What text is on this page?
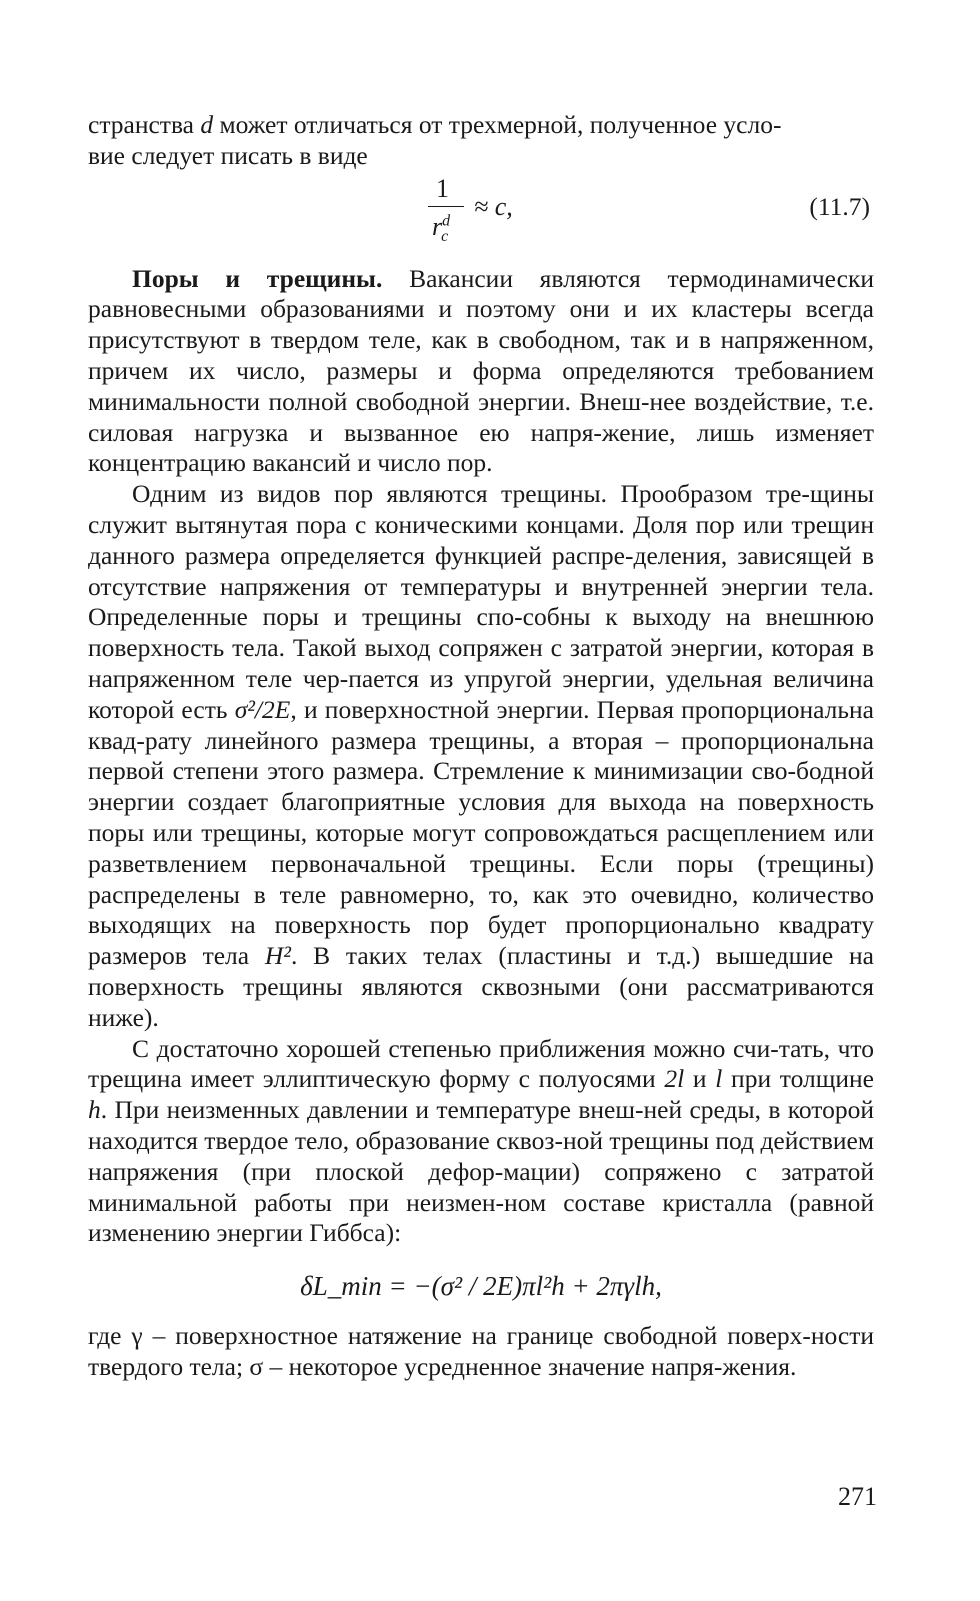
странства d может отличаться от трехмерной, полученное усло-
вие следует писать в виде

1
$r^d_c$
≈ c,	(11.7)

Поры и трещины. Вакансии являются термодинамически равновесными образованиями и поэтому они и их кластеры всегда присутствуют в твердом теле, как в свободном, так и в напряженном, причем их число, размеры и форма определяются требованием минимальности полной свободной энергии. Внеш-нее воздействие, т.е. силовая нагрузка и вызванное ею напря-жение, лишь изменяет концентрацию вакансий и число пор.

Одним из видов пор являются трещины. Прообразом тре-щины служит вытянутая пора с коническими концами. Доля пор или трещин данного размера определяется функцией распре-деления, зависящей в отсутствие напряжения от температуры и внутренней энергии тела. Определенные поры и трещины спо-собны к выходу на внешнюю поверхность тела. Такой выход сопряжен с затратой энергии, которая в напряженном теле чер-пается из упругой энергии, удельная величина которой есть σ²/2E, и поверхностной энергии. Первая пропорциональна квад-рату линейного размера трещины, а вторая – пропорциональна первой степени этого размера. Стремление к минимизации сво-бодной энергии создает благоприятные условия для выхода на поверхность поры или трещины, которые могут сопровождаться расщеплением или разветвлением первоначальной трещины. Если поры (трещины) распределены в теле равномерно, то, как это очевидно, количество выходящих на поверхность пор будет пропорционально квадрату размеров тела H². В таких телах (пластины и т.д.) вышедшие на поверхность трещины являются сквозными (они рассматриваются ниже).

С достаточно хорошей степенью приближения можно счи-тать, что трещина имеет эллиптическую форму с полуосями 2l и l при толщине h. При неизменных давлении и температуре внеш-ней среды, в которой находится твердое тело, образование сквоз-ной трещины под действием напряжения (при плоской дефор-мации) сопряжено с затратой минимальной работы при неизмен-ном составе кристалла (равной изменению энергии Гиббса):

δL_min = −(σ² / 2E)πl²h + 2πγlh,

где γ – поверхностное натяжение на границе свободной поверх-ности твердого тела; σ – некоторое усредненное значение напря-жения.

271
